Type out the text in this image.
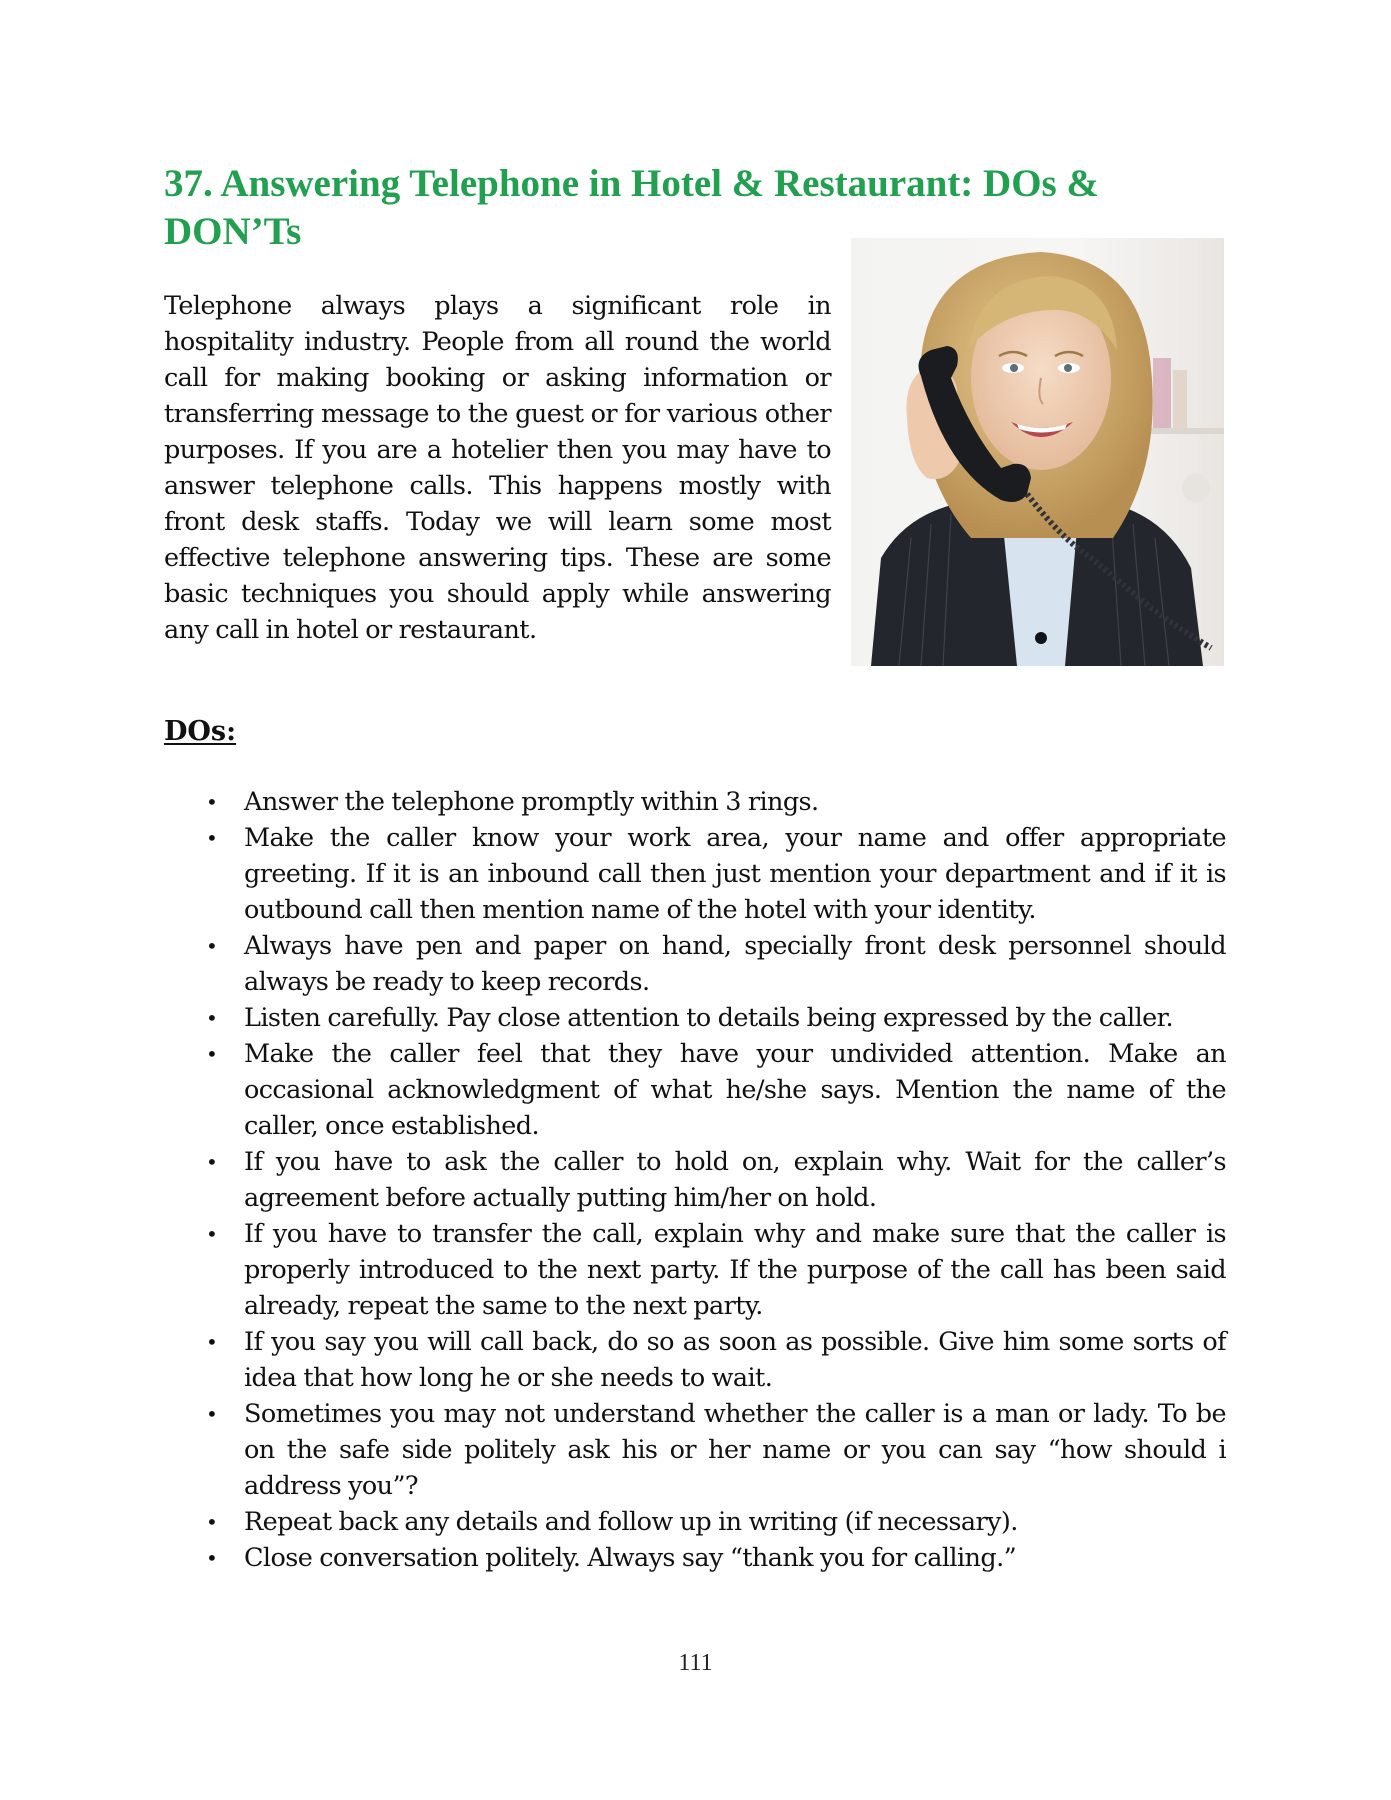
37. Answering Telephone in Hotel & Restaurant: DOs & DON’Ts

Telephone always plays a significant role in hospitality industry. People from all round the world call for making booking or asking information or transferring message to the guest or for various other purposes. If you are a hotelier then you may have to answer telephone calls. This happens mostly with front desk staffs. Today we will learn some most effective telephone answering tips. These are some basic techniques you should apply while answering any call in hotel or restaurant.

DOs:
• Answer the telephone promptly within 3 rings.
• Make the caller know your work area, your name and offer appropriate greeting. If it is an inbound call then just mention your department and if it is outbound call then mention name of the hotel with your identity.
• Always have pen and paper on hand, specially front desk personnel should always be ready to keep records.
• Listen carefully. Pay close attention to details being expressed by the caller.
• Make the caller feel that they have your undivided attention. Make an occasional acknowledgment of what he/she says. Mention the name of the caller, once established.
• If you have to ask the caller to hold on, explain why. Wait for the caller’s agreement before actually putting him/her on hold.
• If you have to transfer the call, explain why and make sure that the caller is properly introduced to the next party. If the purpose of the call has been said already, repeat the same to the next party.
• If you say you will call back, do so as soon as possible. Give him some sorts of idea that how long he or she needs to wait.
• Sometimes you may not understand whether the caller is a man or lady. To be on the safe side politely ask his or her name or you can say “how should i address you”?
• Repeat back any details and follow up in writing (if necessary).
• Close conversation politely. Always say “thank you for calling.”
111
